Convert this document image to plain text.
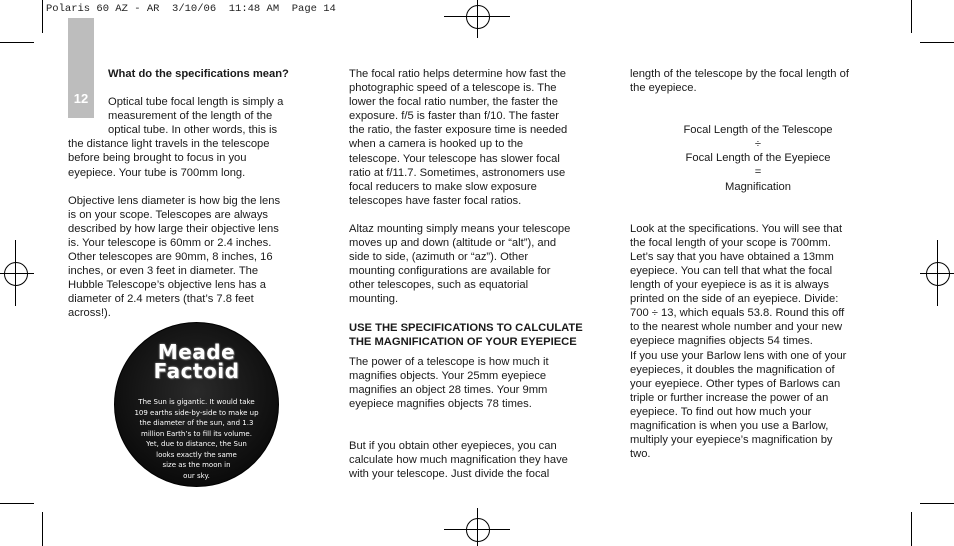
Polaris 60 AZ - AR  3/10/06  11:48 AM  Page 14
12

What do the specifications mean?

Optical tube focal length is simply a

measurement of the length of the

optical tube. In other words, this is

the distance light travels in the telescope

before being brought to focus in you

eyepiece. Your tube is 700mm long.

Objective lens diameter is how big the lens

is on your scope. Telescopes are always

described by how large their objective lens

is. Your telescope is 60mm or 2.4 inches.

Other telescopes are 90mm, 8 inches, 16

inches, or even 3 feet in diameter. The

Hubble Telescope’s objective lens has a

diameter of 2.4 meters (that’s 7.8 feet

across!).

Meade
Factoid
The Sun is gigantic. It would take
109 earths side-by-side to make up
the diameter of the sun, and 1.3
million Earth’s to fill its volume.
Yet, due to distance, the Sun
looks exactly the same
size as the moon in
our sky.

The focal ratio helps determine how fast the

photographic speed of a telescope is. The

lower the focal ratio number, the faster the

exposure. f/5 is faster than f/10. The faster

the ratio, the faster exposure time is needed

when a camera is hooked up to the

telescope. Your telescope has slower focal

ratio at f/11.7. Sometimes, astronomers use

focal reducers to make slow exposure

telescopes have faster focal ratios.

Altaz mounting simply means your telescope

moves up and down (altitude or “alt”), and

side to side, (azimuth or “az”). Other

mounting configurations are available for

other telescopes, such as equatorial

mounting.

USE THE SPECIFICATIONS TO CALCULATE

THE MAGNIFICATION OF YOUR EYEPIECE

The power of a telescope is how much it

magnifies objects. Your 25mm eyepiece

magnifies an object 28 times. Your 9mm

eyepiece magnifies objects 78 times.

But if you obtain other eyepieces, you can

calculate how much magnification they have

with your telescope. Just divide the focal

length of the telescope by the focal length of

the eyepiece.

Focal Length of the Telescope

÷

Focal Length of the Eyepiece

=

Magnification

Look at the specifications. You will see that

the focal length of your scope is 700mm.

Let’s say that you have obtained a 13mm

eyepiece. You can tell that what the focal

length of your eyepiece is as it is always

printed on the side of an eyepiece. Divide:

700 ÷ 13, which equals 53.8. Round this off

to the nearest whole number and your new

eyepiece magnifies objects 54 times.

If you use your Barlow lens with one of your

eyepieces, it doubles the magnification of

your eyepiece. Other types of Barlows can

triple or further increase the power of an

eyepiece. To find out how much your

magnification is when you use a Barlow,

multiply your eyepiece’s magnification by

two.
